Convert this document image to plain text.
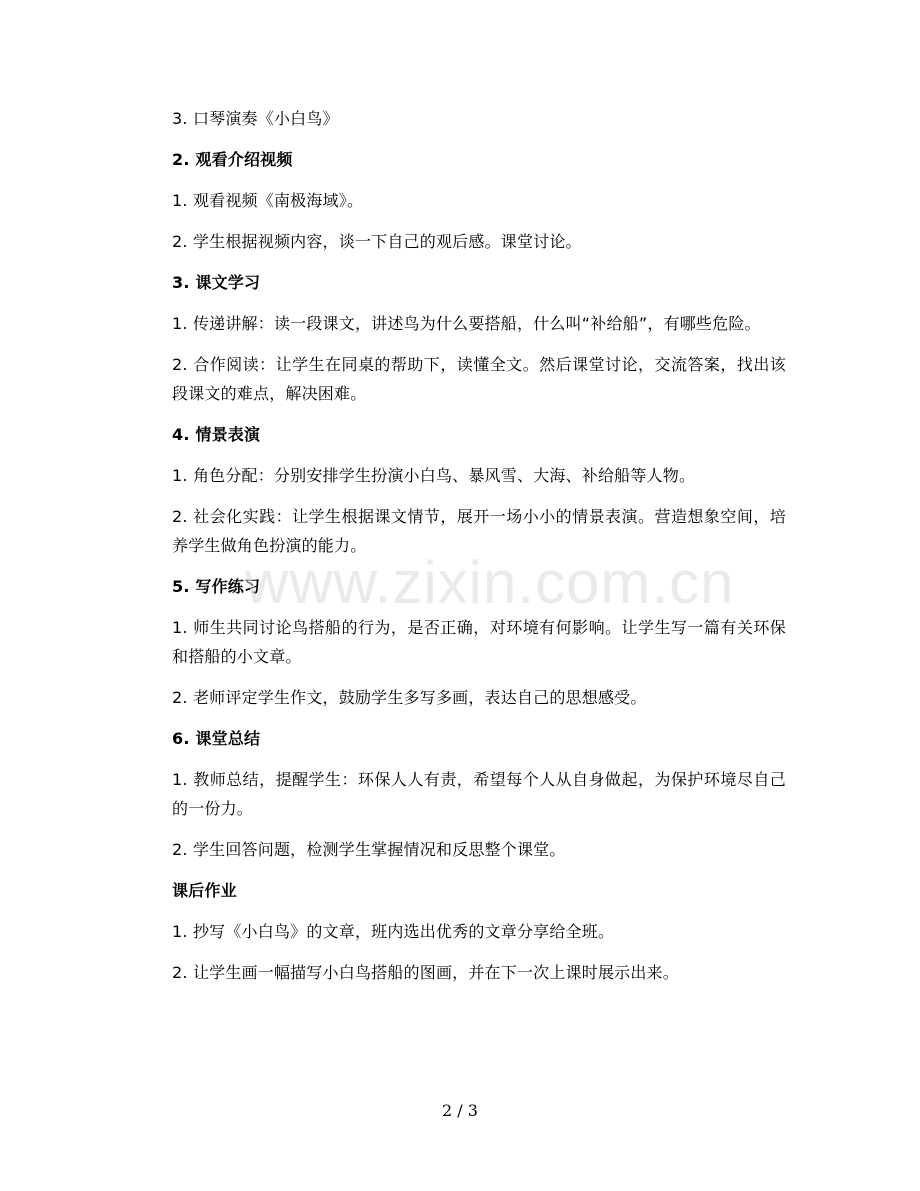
3. 口琴演奏《小白鸟》

2. 观看介绍视频

1. 观看视频《南极海域》。

2. 学生根据视频内容，谈一下自己的观后感。课堂讨论。

3. 课文学习

1. 传递讲解：读一段课文，讲述鸟为什么要搭船，什么叫“补给船”，有哪些危险。

2. 合作阅读：让学生在同桌的帮助下，读懂全文。然后课堂讨论，交流答案，找出该段课文的难点，解决困难。

4. 情景表演

1. 角色分配：分别安排学生扮演小白鸟、暴风雪、大海、补给船等人物。

2. 社会化实践：让学生根据课文情节，展开一场小小的情景表演。营造想象空间，培养学生做角色扮演的能力。

5. 写作练习

1. 师生共同讨论鸟搭船的行为，是否正确，对环境有何影响。让学生写一篇有关环保和搭船的小文章。

2. 老师评定学生作文，鼓励学生多写多画，表达自己的思想感受。

6. 课堂总结

1. 教师总结，提醒学生：环保人人有责，希望每个人从自身做起，为保护环境尽自己的一份力。

2. 学生回答问题，检测学生掌握情况和反思整个课堂。

课后作业

1. 抄写《小白鸟》的文章，班内选出优秀的文章分享给全班。

2. 让学生画一幅描写小白鸟搭船的图画，并在下一次上课时展示出来。

www.zixin.com.cn
2 / 3
